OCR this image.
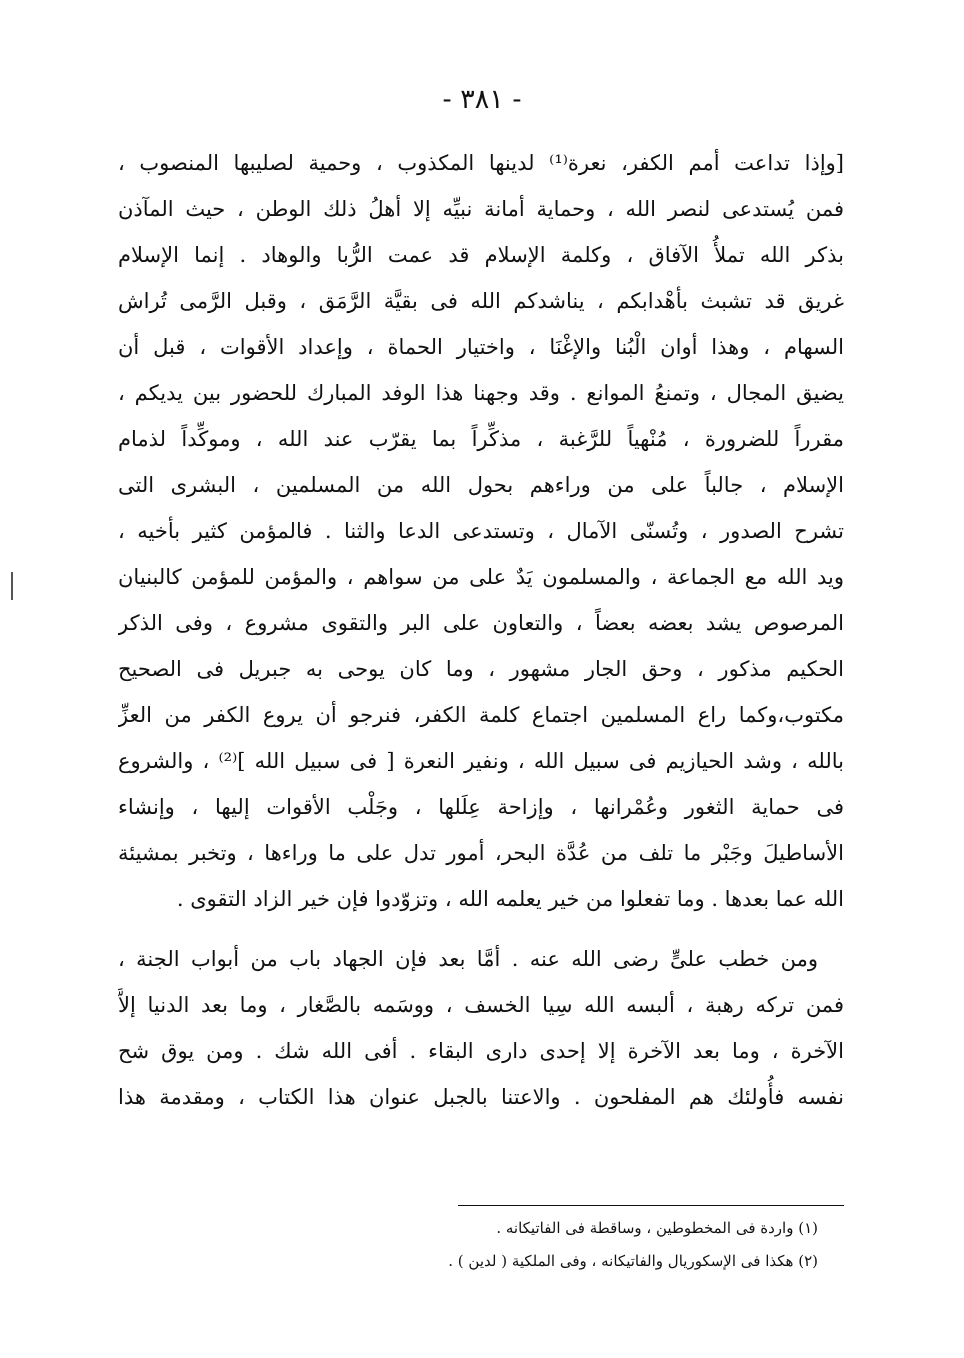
- ٣٨١ -
[وإذا تداعت أمم الكفر، نعرة⁽¹⁾ لدينها المكذوب ، وحمية لصليبها المنصوب ،
فمن يُستدعى لنصر الله ، وحماية أمانة نبيِّه إلا أهلُ ذلك الوطن ، حيث المآذن
بذكر الله تملأُ الآفاق ، وكلمة الإسلام قد عمت الرُّبا والوهاد . إنما الإسلام
غريق قد تشبث بأهْدابكم ، يناشدكم الله فى بقيَّة الرَّمَق ، وقبل الرَّمى تُراش
السهام ، وهذا أوان الْبُنا والإغْنَا ، واختيار الحماة ، وإعداد الأقوات ، قبل أن
يضيق المجال ، وتمنعُ الموانع . وقد وجهنا هذا الوفد المبارك للحضور بين يديكم ،
مقرراً للضرورة ، مُنْهياً للرَّغبة ، مذكِّراً بما يقرّب عند الله ، وموكِّداً لذمام
الإسلام ، جالباً على من وراءهم بحول الله من المسلمين ، البشرى التى
تشرح الصدور ، وتُسنّى الآمال ، وتستدعى الدعا والثنا . فالمؤمن كثير بأخيه ،
ويد الله مع الجماعة ، والمسلمون يَدٌ على من سواهم ، والمؤمن للمؤمن كالبنيان
المرصوص يشد بعضه بعضاً ، والتعاون على البر والتقوى مشروع ، وفى الذكر
الحكيم مذكور ، وحق الجار مشهور ، وما كان يوحى به جبريل فى الصحيح
مكتوب،وكما راع المسلمين اجتماع كلمة الكفر، فنرجو أن يروع الكفر من العزِّ
بالله ، وشد الحيازيم فى سبيل الله ، ونفير النعرة [ فى سبيل الله ]⁽²⁾ ، والشروع
فى حماية الثغور وعُمْرانها ، وإزاحة عِلَلها ، وجَلْب الأقوات إليها ، وإنشاء
الأساطيلَ وجَبْر ما تلف من عُدَّة البحر، أمور تدل على ما وراءها ، وتخبر بمشيئة
الله عما بعدها . وما تفعلوا من خير يعلمه الله ، وتزوّدوا فإن خير الزاد التقوى .
ومن خطب علىٍّ رضى الله عنه . أمَّا بعد فإن الجهاد باب من أبواب الجنة ،
فمن تركه رهبة ، ألبسه الله سِيا الخسف ، ووسَمه بالصَّغار ، وما بعد الدنيا إلاَّ
الآخرة ، وما بعد الآخرة إلا إحدى دارى البقاء . أفى الله شك . ومن يوق شح
نفسه فأُولئك هم المفلحون . والاعتنا بالجبل عنوان هذا الكتاب ، ومقدمة هذا
(١) واردة فى المخطوطين ، وساقطة فى الفاتيكانه .
(٢) هكذا فى الإسكوريال والفاتيكانه ، وفى الملكية ( لدين ) .
